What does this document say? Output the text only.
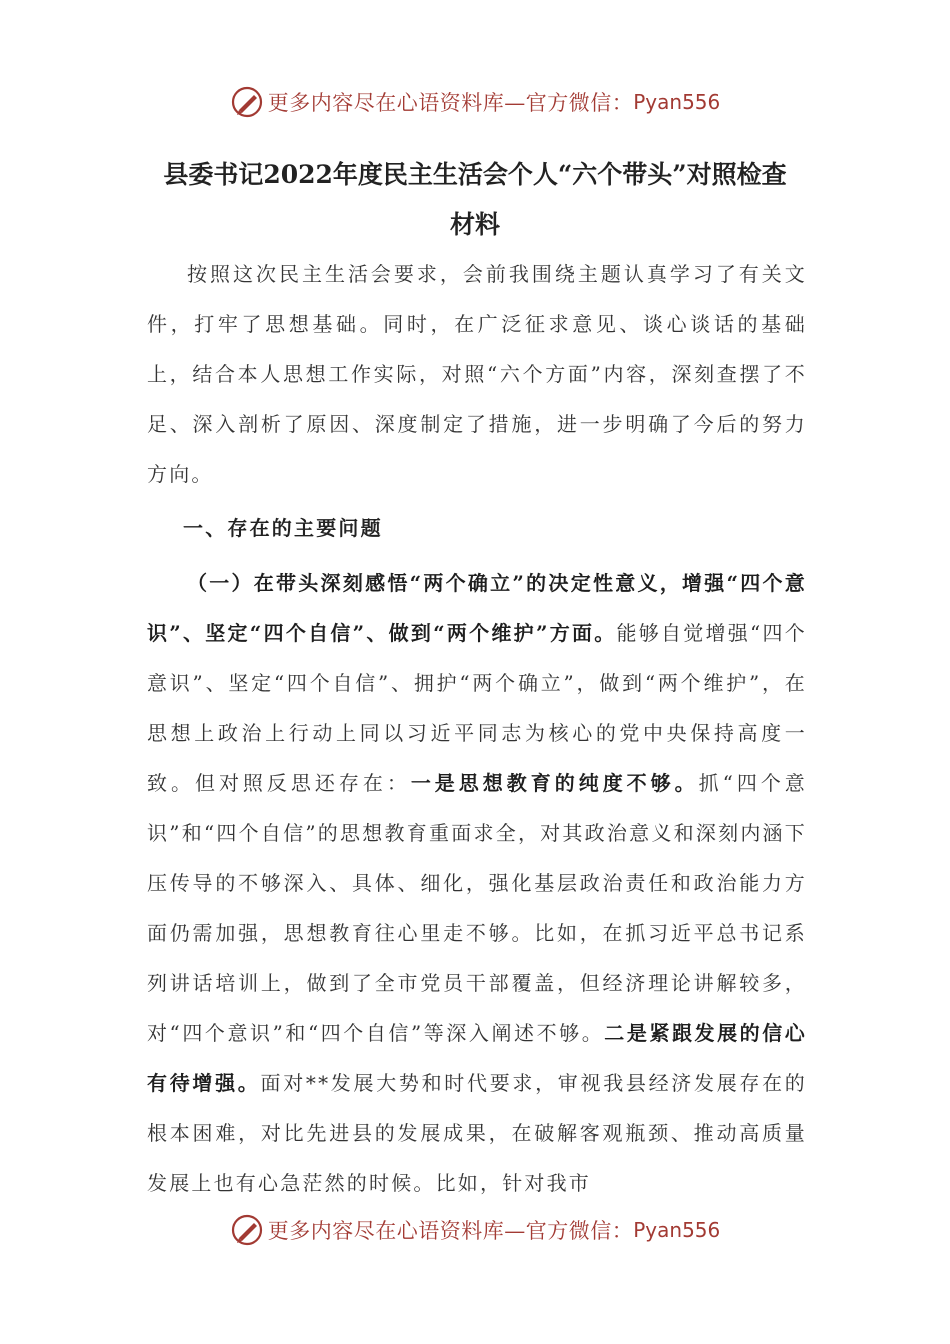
更多内容尽在心语资料库—官方微信： Pyan556
县委书记2022年度民主生活会个人“六个带头”对照检查
材料

按照这次民主生活会要求，会前我围绕主题认真学习了有关文件，打牢了思想基础。同时，在广泛征求意见、谈心谈话的基础上，结合本人思想工作实际，对照“六个方面”内容，深刻查摆了不足、深入剖析了原因、深度制定了措施，进一步明确了今后的努力方向。

一、存在的主要问题

（一）在带头深刻感悟“两个确立”的决定性意义，增强“四个意识”、坚定“四个自信”、做到“两个维护”方面。能够自觉增强“四个意识”、坚定“四个自信”、拥护“两个确立”，做到“两个维护”，在思想上政治上行动上同以习近平同志为核心的党中央保持高度一致。但对照反思还存在：一是思想教育的纯度不够。抓“四个意识”和“四个自信”的思想教育重面求全，对其政治意义和深刻内涵下压传导的不够深入、具体、细化，强化基层政治责任和政治能力方面仍需加强，思想教育往心里走不够。比如，在抓习近平总书记系列讲话培训上，做到了全市党员干部覆盖，但经济理论讲解较多，对“四个意识”和“四个自信”等深入阐述不够。二是紧跟发展的信心有待增强。面对**发展大势和时代要求，审视我县经济发展存在的根本困难，对比先进县的发展成果，在破解客观瓶颈、推动高质量发展上也有心急茫然的时候。比如，针对我市

更多内容尽在心语资料库—官方微信： Pyan556
